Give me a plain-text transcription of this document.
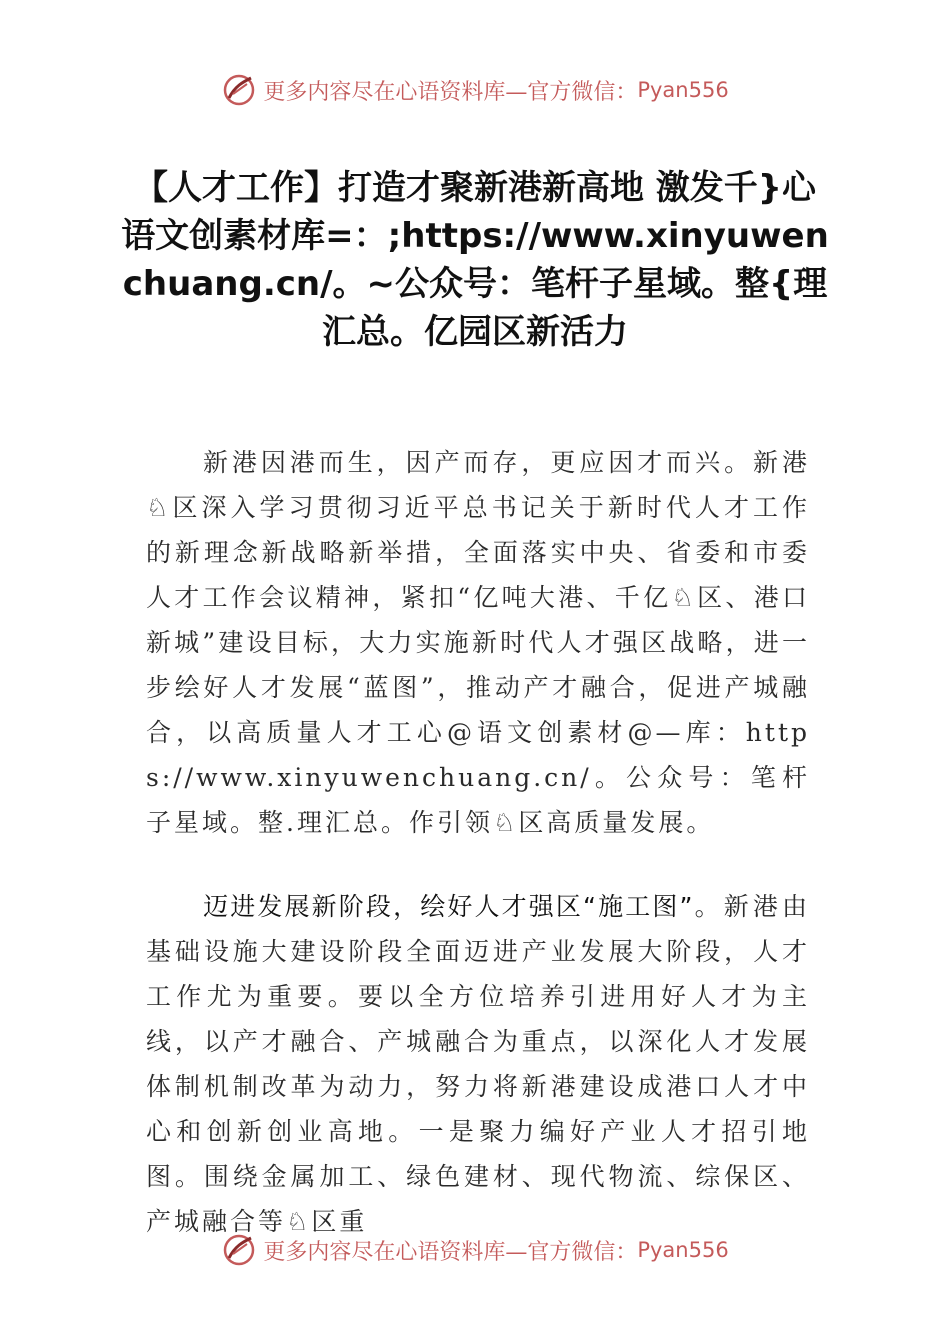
更多内容尽在心语资料库—官方微信： Pyan556
【人才工作】打造才聚新港新高地 激发千}心语文创素材库=：;https://www.xinyuwenchuang.cn/。~公众号：笔杆子星域。整{理汇总。亿园区新活力
新港因港而生，因产而存，更应因才而兴。新港♘区深入学习贯彻习近平总书记关于新时代人才工作的新理念新战略新举措，全面落实中央、省委和市委人才工作会议精神，紧扣“亿吨大港、千亿♘区、港口新城”建设目标，大力实施新时代人才强区战略，进一步绘好人才发展“蓝图”，推动产才融合，促进产城融合，以高质量人才工心@语文创素材@—库：https://www.xinyuwenchuang.cn/。公众号：笔杆子星域。整.理汇总。作引领♘区高质量发展。
迈进发展新阶段，绘好人才强区“施工图”。新港由基础设施大建设阶段全面迈进产业发展大阶段，人才工作尤为重要。要以全方位培养引进用好人才为主线，以产才融合、产城融合为重点，以深化人才发展体制机制改革为动力，努力将新港建设成港口人才中心和创新创业高地。一是聚力编好产业人才招引地图。围绕金属加工、绿色建材、现代物流、综保区、产城融合等♘区重
更多内容尽在心语资料库—官方微信： Pyan556
